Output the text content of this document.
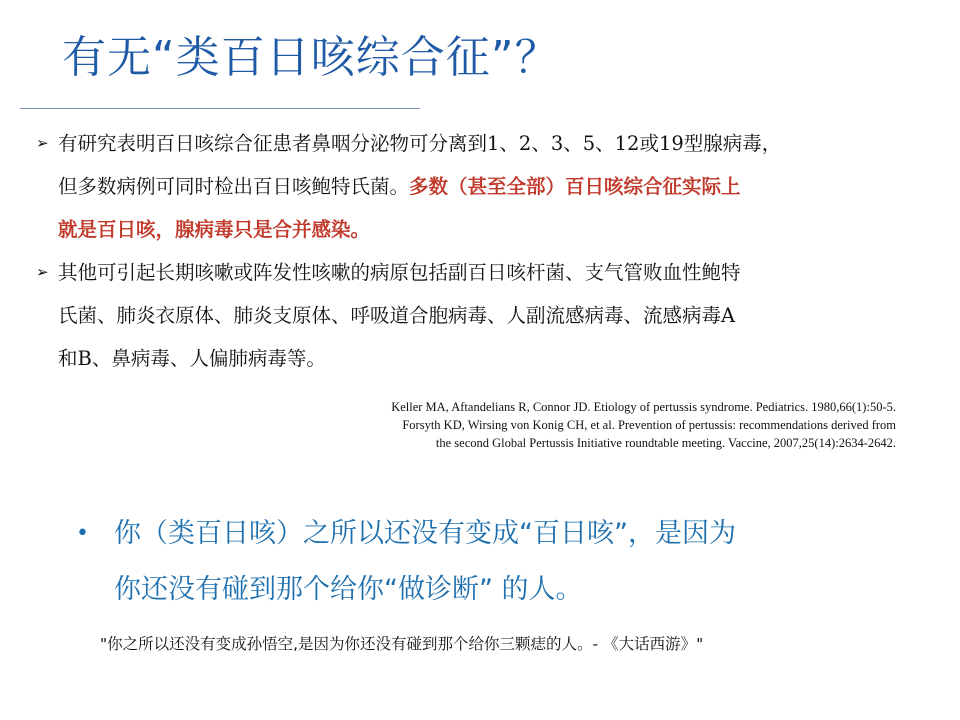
有无“类百日咳综合征”？
➢ 有研究表明百日咳综合征患者鼻咽分泌物可分离到1、2、3、5、12或19型腺病毒，
但多数病例可同时检出百日咳鲍特氏菌。多数（甚至全部）百日咳综合征实际上
就是百日咳，腺病毒只是合并感染。
➢ 其他可引起长期咳嗽或阵发性咳嗽的病原包括副百日咳杆菌、支气管败血性鲍特
氏菌、肺炎衣原体、肺炎支原体、呼吸道合胞病毒、人副流感病毒、流感病毒A
和B、鼻病毒、人偏肺病毒等。
Keller MA, Aftandelians R, Connor JD. Etiology of pertussis syndrome. Pediatrics. 1980,66(1):50-5.
Forsyth KD, Wirsing von Konig CH, et al. Prevention of pertussis: recommendations derived from
the second Global Pertussis Initiative roundtable meeting. Vaccine, 2007,25(14):2634-2642.
• 你（类百日咳）之所以还没有变成“百日咳”，是因为
你还没有碰到那个给你“做诊断” 的人。
"你之所以还没有变成孙悟空,是因为你还没有碰到那个给你三颗痣的人。- 《大话西游》"
